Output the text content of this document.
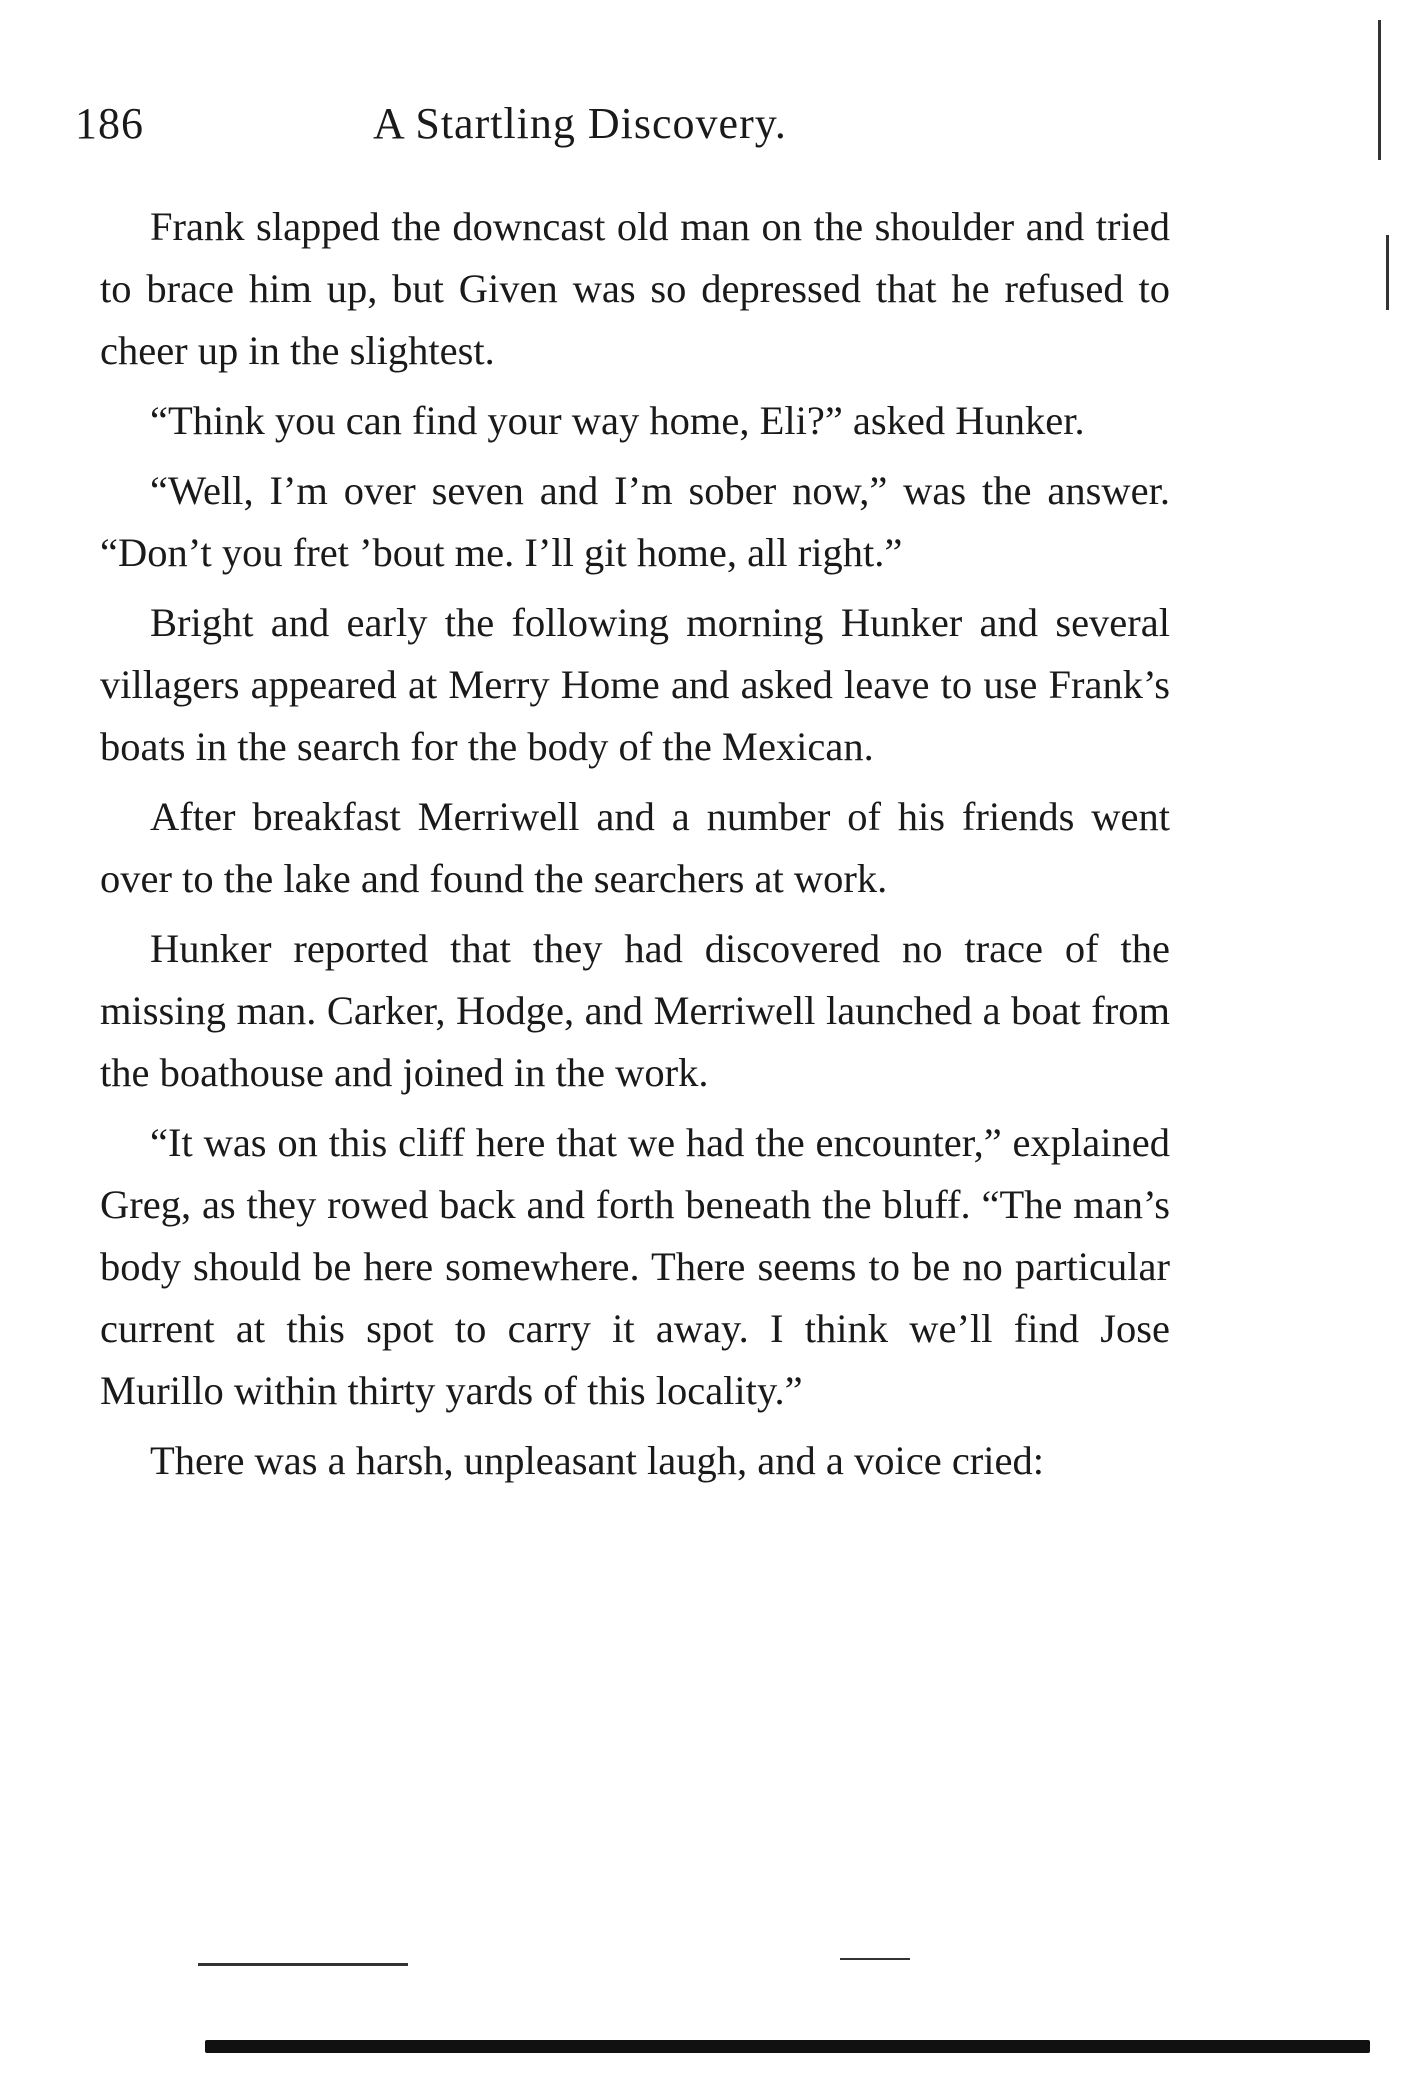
186	A Startling Discovery.

Frank slapped the downcast old man on the shoulder and tried to brace him up, but Given was so depressed that he refused to cheer up in the slightest.

“Think you can find your way home, Eli?” asked Hunker.

“Well, I’m over seven and I’m sober now,” was the answer. “Don’t you fret ’bout me. I’ll git home, all right.”

Bright and early the following morning Hunker and several villagers appeared at Merry Home and asked leave to use Frank’s boats in the search for the body of the Mexican.

After breakfast Merriwell and a number of his friends went over to the lake and found the searchers at work.

Hunker reported that they had discovered no trace of the missing man. Carker, Hodge, and Merriwell launched a boat from the boathouse and joined in the work.

“It was on this cliff here that we had the encounter,” explained Greg, as they rowed back and forth beneath the bluff. “The man’s body should be here somewhere. There seems to be no particular current at this spot to carry it away. I think we’ll find Jose Murillo within thirty yards of this locality.”

There was a harsh, unpleasant laugh, and a voice cried:
